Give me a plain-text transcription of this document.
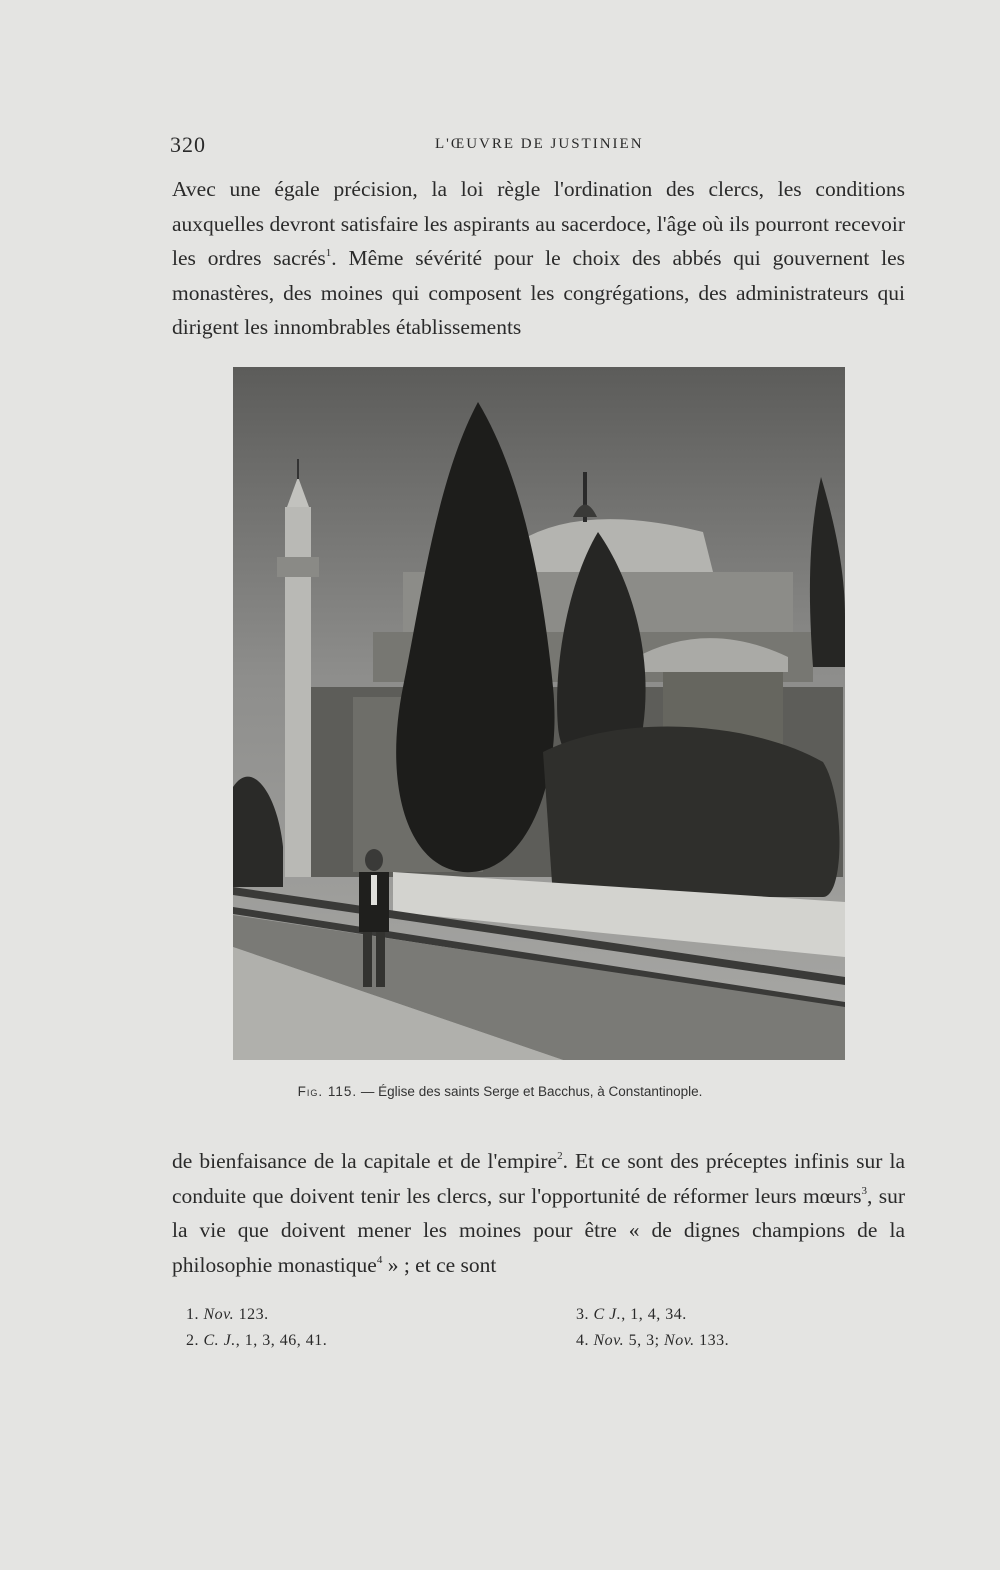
320	L'ŒUVRE DE JUSTINIEN

Avec une égale précision, la loi règle l'ordination des clercs, les conditions auxquelles devront satisfaire les aspirants au sacerdoce, l'âge où ils pourront recevoir les ordres sacrés$^1$. Même sévérité pour le choix des abbés qui gouvernent les monastères, des moines qui composent les congrégations, des administrateurs qui dirigent les innombrables établissements

Fig. 115. — Église des saints Serge et Bacchus, à Constantinople.

de bienfaisance de la capitale et de l'empire$^2$. Et ce sont des préceptes infinis sur la conduite que doivent tenir les clercs, sur l'opportunité de réformer leurs mœurs$^3$, sur la vie que doivent mener les moines pour être « de dignes champions de la philosophie monastique$^4$ » ; et ce sont

1. Nov. 123.
2. C. J., 1, 3, 46, 41.
3. C J., 1, 4, 34.
4. Nov. 5, 3; Nov. 133.
